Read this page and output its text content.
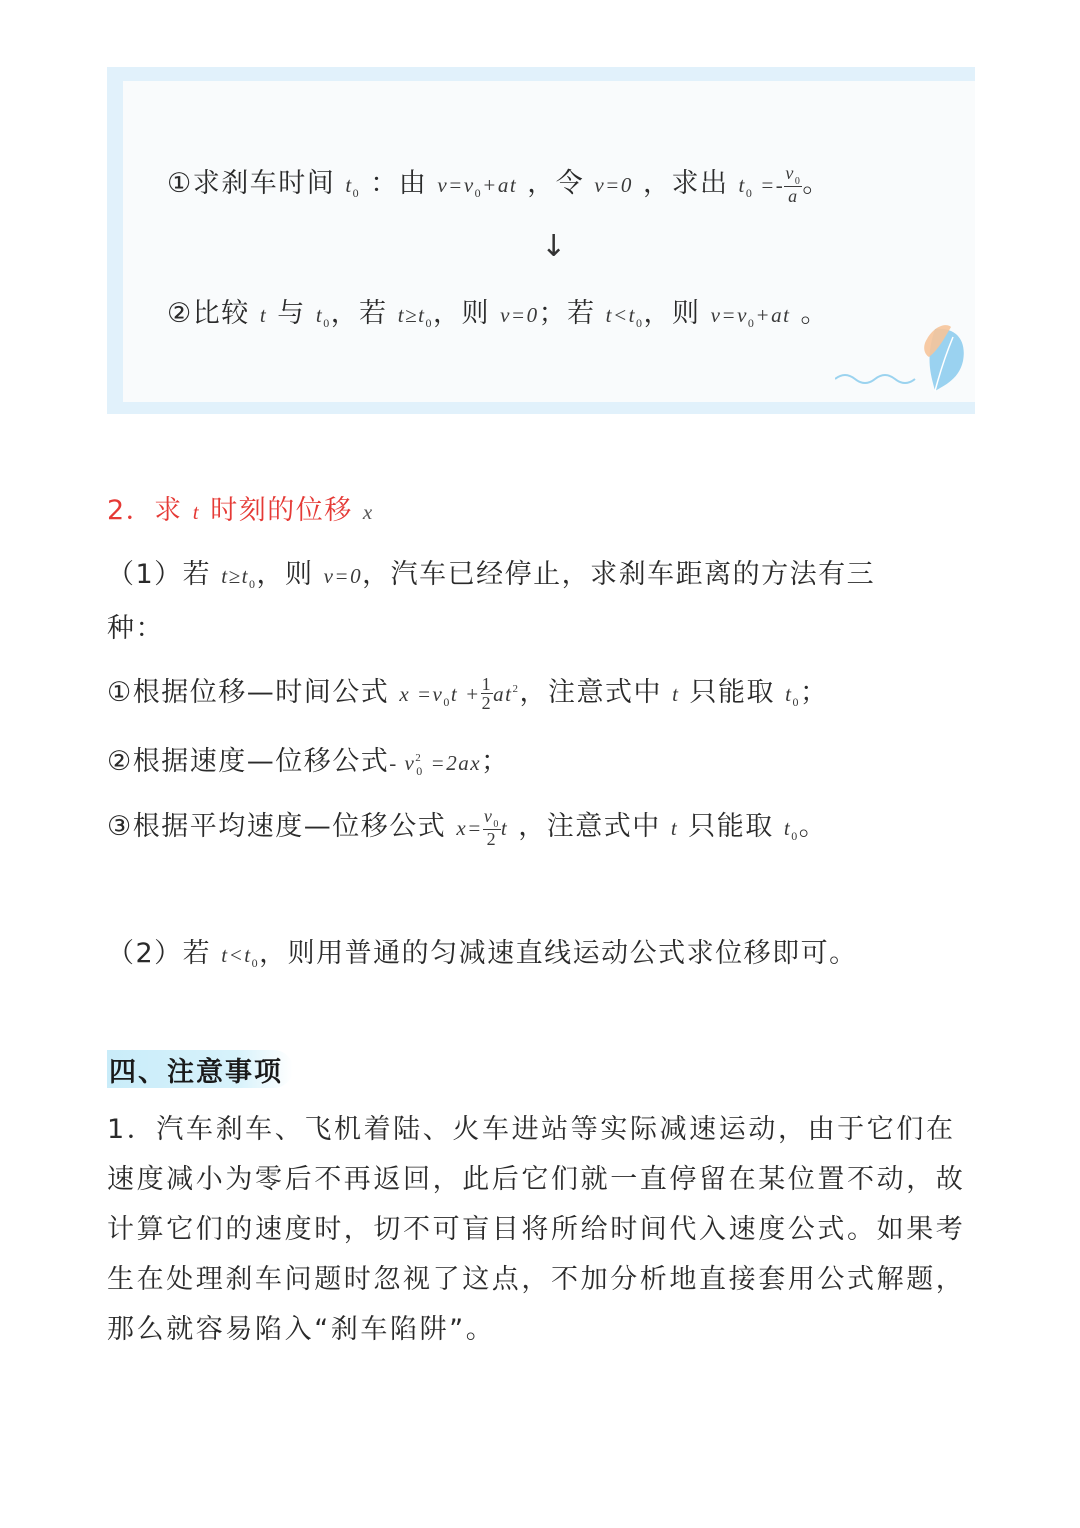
①求刹车时间 $t_0$ ：由 $v=v_0+at$ ，令 v=0 ，求出 $t_0 =- \frac{v_0}{a}$ 。
↓
②比较 t 与 $t_0$，若 $t\ge t_0$，则 v=0；若 $t<t_0$，则 $v=v_0+at$ 。
2．求 t 时刻的位移 x
（1）若 $t\ge t_0$，则 v=0，汽车已经停止，求刹车距离的方法有三
种：
①根据位移—时间公式 $x =v_0t + \frac{1}{2} at^2$，注意式中 t 只能取 $t_0$；
②根据速度—位移公式- $v^2_0 =2ax$；
③根据平均速度—位移公式 $x= \frac{v_0}{2}$ t ，注意式中 t 只能取 $t_0$。
（2）若 $t<t_0$，则用普通的匀减速直线运动公式求位移即可。
四、注意事项
1．汽车刹车、飞机着陆、火车进站等实际减速运动，由于它们在速度减小为零后不再返回，此后它们就一直停留在某位置不动，故计算它们的速度时，切不可盲目将所给时间代入速度公式。如果考生在处理刹车问题时忽视了这点，不加分析地直接套用公式解题，那么就容易陷入“刹车陷阱”。
